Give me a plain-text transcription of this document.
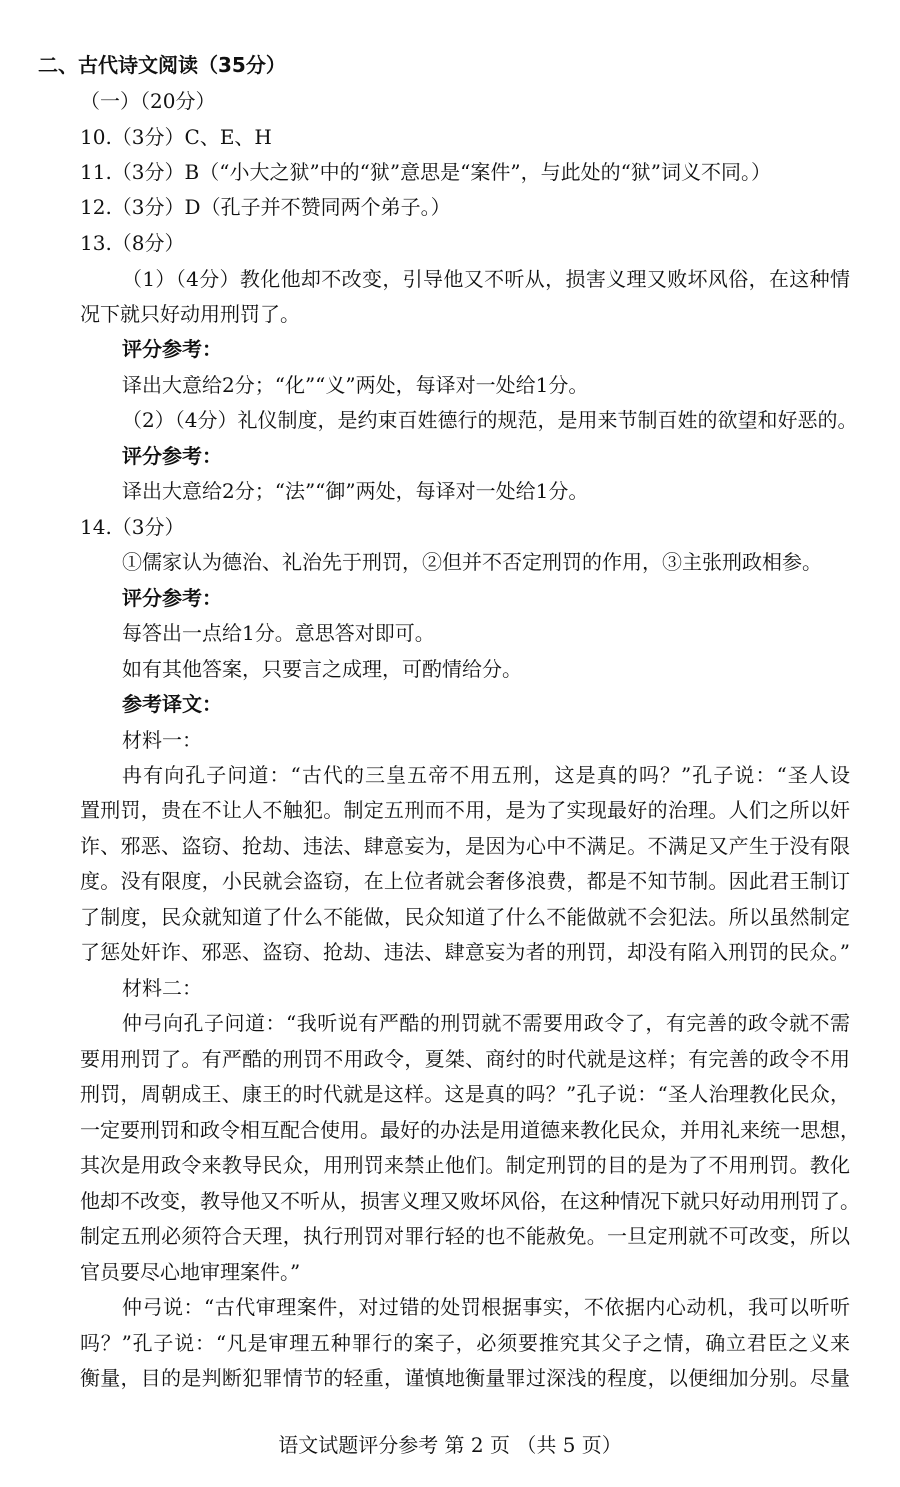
二、古代诗文阅读（35分）
（一）（20分）
10.（3分）C、E、H
11.（3分）B（“小大之狱”中的“狱”意思是“案件”，与此处的“狱”词义不同。）
12.（3分）D（孔子并不赞同两个弟子。）
13.（8分）
（1）（4分）教化他却不改变，引导他又不听从，损害义理又败坏风俗，在这种情
况下就只好动用刑罚了。
评分参考：
译出大意给2分；“化”“义”两处，每译对一处给1分。
（2）（4分）礼仪制度，是约束百姓德行的规范，是用来节制百姓的欲望和好恶的。
评分参考：
译出大意给2分；“法”“御”两处，每译对一处给1分。
14.（3分）
①儒家认为德治、礼治先于刑罚，②但并不否定刑罚的作用，③主张刑政相参。
评分参考：
每答出一点给1分。意思答对即可。
如有其他答案，只要言之成理，可酌情给分。
参考译文：
材料一：
冉有向孔子问道：“古代的三皇五帝不用五刑，这是真的吗？”孔子说：“圣人设
置刑罚，贵在不让人不触犯。制定五刑而不用，是为了实现最好的治理。人们之所以奸
诈、邪恶、盗窃、抢劫、违法、肆意妄为，是因为心中不满足。不满足又产生于没有限
度。没有限度，小民就会盗窃，在上位者就会奢侈浪费，都是不知节制。因此君王制订
了制度，民众就知道了什么不能做，民众知道了什么不能做就不会犯法。所以虽然制定
了惩处奸诈、邪恶、盗窃、抢劫、违法、肆意妄为者的刑罚，却没有陷入刑罚的民众。”
材料二：
仲弓向孔子问道：“我听说有严酷的刑罚就不需要用政令了，有完善的政令就不需
要用刑罚了。有严酷的刑罚不用政令，夏桀、商纣的时代就是这样；有完善的政令不用
刑罚，周朝成王、康王的时代就是这样。这是真的吗？”孔子说：“圣人治理教化民众，
一定要刑罚和政令相互配合使用。最好的办法是用道德来教化民众，并用礼来统一思想，
其次是用政令来教导民众，用刑罚来禁止他们。制定刑罚的目的是为了不用刑罚。教化
他却不改变，教导他又不听从，损害义理又败坏风俗，在这种情况下就只好动用刑罚了。
制定五刑必须符合天理，执行刑罚对罪行轻的也不能赦免。一旦定刑就不可改变，所以
官员要尽心地审理案件。”
仲弓说：“古代审理案件，对过错的处罚根据事实，不依据内心动机，我可以听听
吗？”孔子说：“凡是审理五种罪行的案子，必须要推究其父子之情，确立君臣之义来
衡量，目的是判断犯罪情节的轻重，谨慎地衡量罪过深浅的程度，以便细加分别。尽量
语文试题评分参考 第 2 页 （共 5 页）
